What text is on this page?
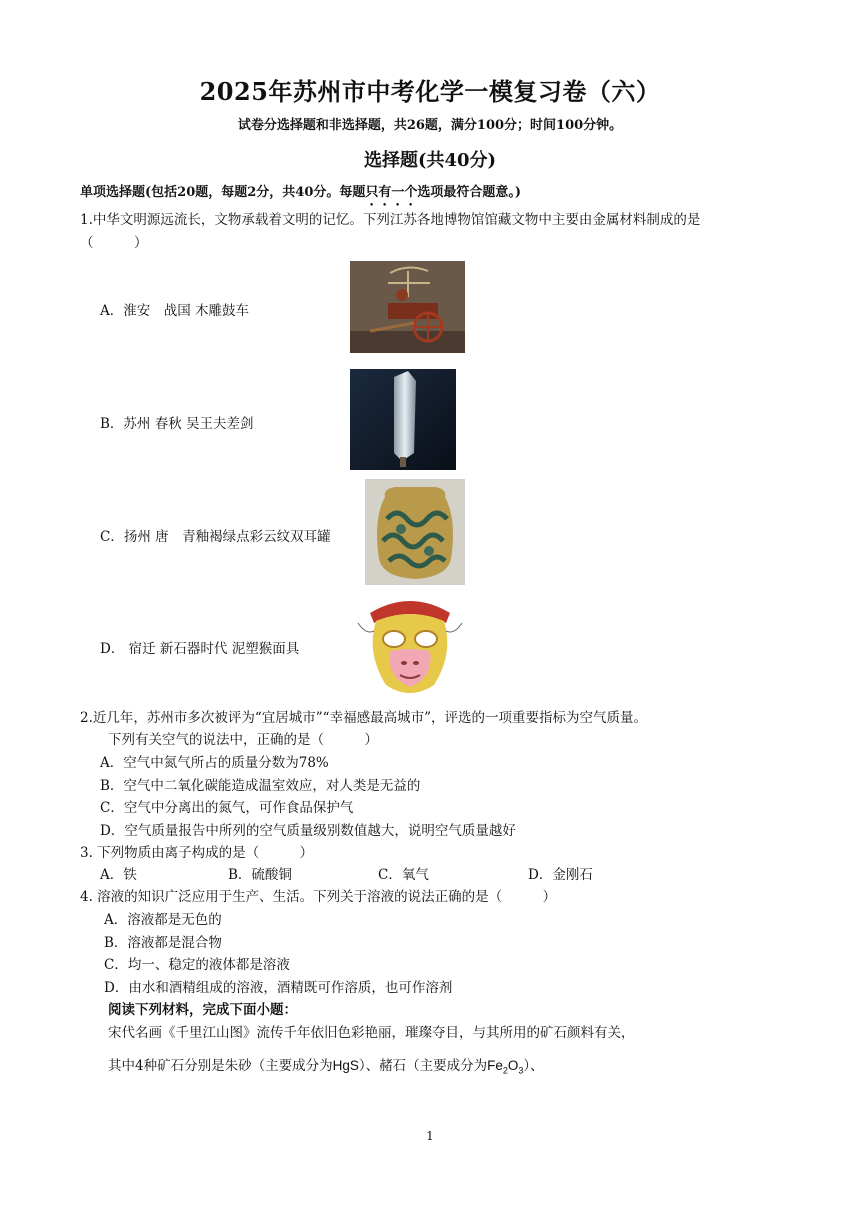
2025年苏州市中考化学一模复习卷（六）
试卷分选择题和非选择题，共26题，满分100分；时间100分钟。
选择题(共40分)
单项选择题(包括20题，每题2分，共40分。每题只有一个选项最符合题意。)
1.中华文明源远流长，文物承载着文明的记忆。下列江苏各地博物馆馆藏文物中主要由金属材料制成的是
（　　　）
A．淮安　战国 木雕鼓车
B．苏州 春秋 吴王夫差剑
C．扬州 唐　青釉褐绿点彩云纹双耳罐
D． 宿迁 新石器时代 泥塑猴面具
2.近几年，苏州市多次被评为“宜居城市”“幸福感最高城市”，评选的一项重要指标为空气质量。
下列有关空气的说法中，正确的是（　　　）
A．空气中氮气所占的质量分数为78%
B．空气中二氧化碳能造成温室效应，对人类是无益的
C．空气中分离出的氮气，可作食品保护气
D．空气质量报告中所列的空气质量级别数值越大，说明空气质量越好
3. 下列物质由离子构成的是（　　　）
A．铁	B．硫酸铜	C．氧气	D．金刚石
4. 溶液的知识广泛应用于生产、生活。下列关于溶液的说法正确的是（　　　）
A．溶液都是无色的
B．溶液都是混合物
C．均一、稳定的液体都是溶液
D．由水和酒精组成的溶液，酒精既可作溶质，也可作溶剂
阅读下列材料，完成下面小题：
宋代名画《千里江山图》流传千年依旧色彩艳丽，璀璨夺目，与其所用的矿石颜料有关，
其中4种矿石分别是朱砂（主要成分为HgS）、赭石（主要成分为$Fe_2O_3$）、
1
